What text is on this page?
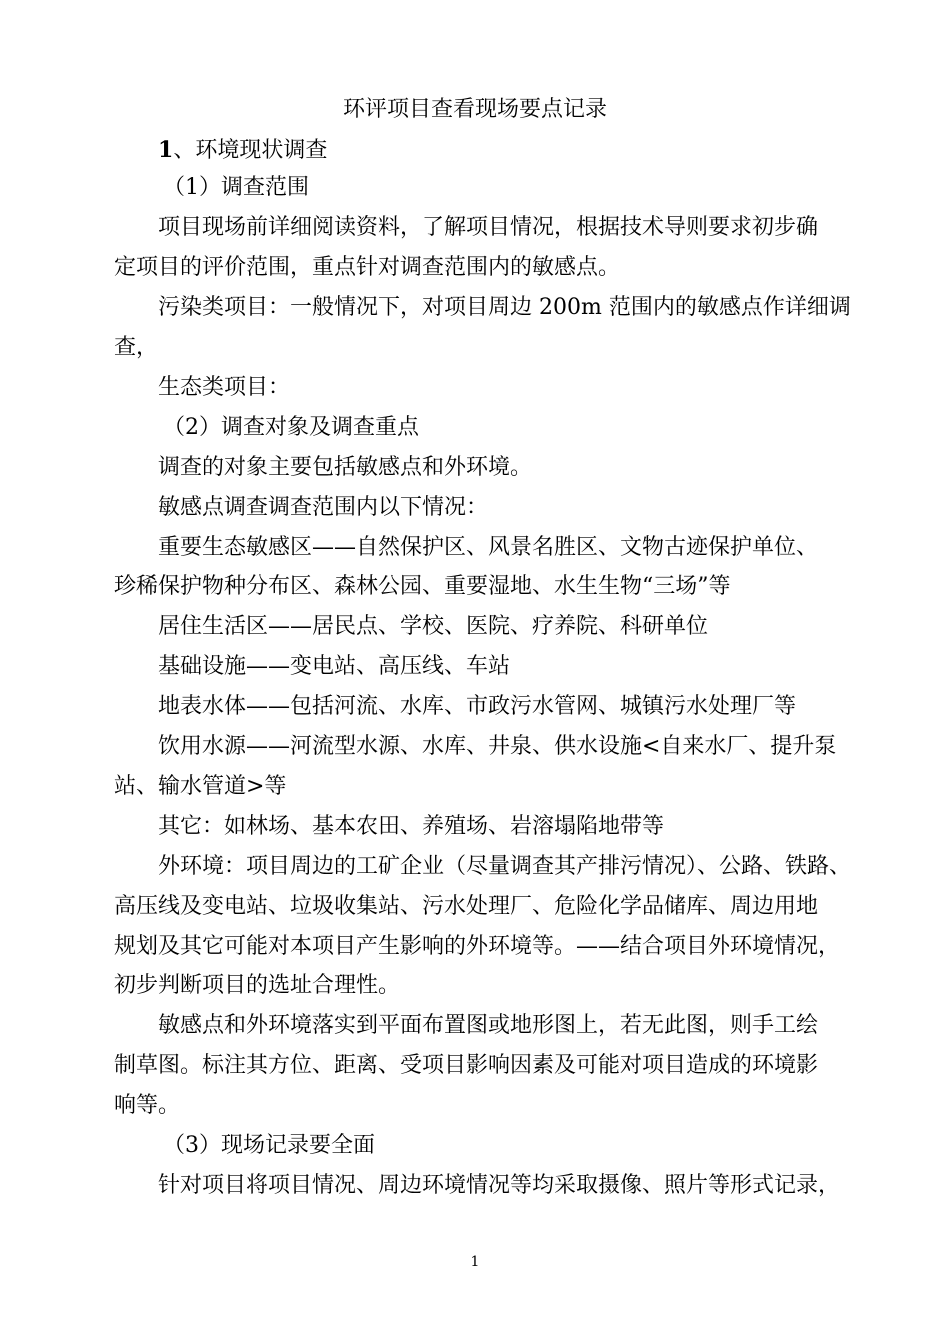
环评项目查看现场要点记录
1、环境现状调查
（1）调查范围
项目现场前详细阅读资料，了解项目情况，根据技术导则要求初步确
定项目的评价范围，重点针对调查范围内的敏感点。
污染类项目：一般情况下，对项目周边 200m 范围内的敏感点作详细调
查，
生态类项目：
（2）调查对象及调查重点
调查的对象主要包括敏感点和外环境。
敏感点调查调查范围内以下情况：
重要生态敏感区——自然保护区、风景名胜区、文物古迹保护单位、
珍稀保护物种分布区、森林公园、重要湿地、水生生物“三场”等
居住生活区——居民点、学校、医院、疗养院、科研单位
基础设施——变电站、高压线、车站
地表水体——包括河流、水库、市政污水管网、城镇污水处理厂等
饮用水源——河流型水源、水库、井泉、供水设施<自来水厂、提升泵
站、输水管道>等
其它：如林场、基本农田、养殖场、岩溶塌陷地带等
外环境：项目周边的工矿企业（尽量调查其产排污情况）、公路、铁路、
高压线及变电站、垃圾收集站、污水处理厂、危险化学品储库、周边用地
规划及其它可能对本项目产生影响的外环境等。——结合项目外环境情况，
初步判断项目的选址合理性。
敏感点和外环境落实到平面布置图或地形图上，若无此图，则手工绘
制草图。标注其方位、距离、受项目影响因素及可能对项目造成的环境影
响等。
（3）现场记录要全面
针对项目将项目情况、周边环境情况等均采取摄像、照片等形式记录，
1
